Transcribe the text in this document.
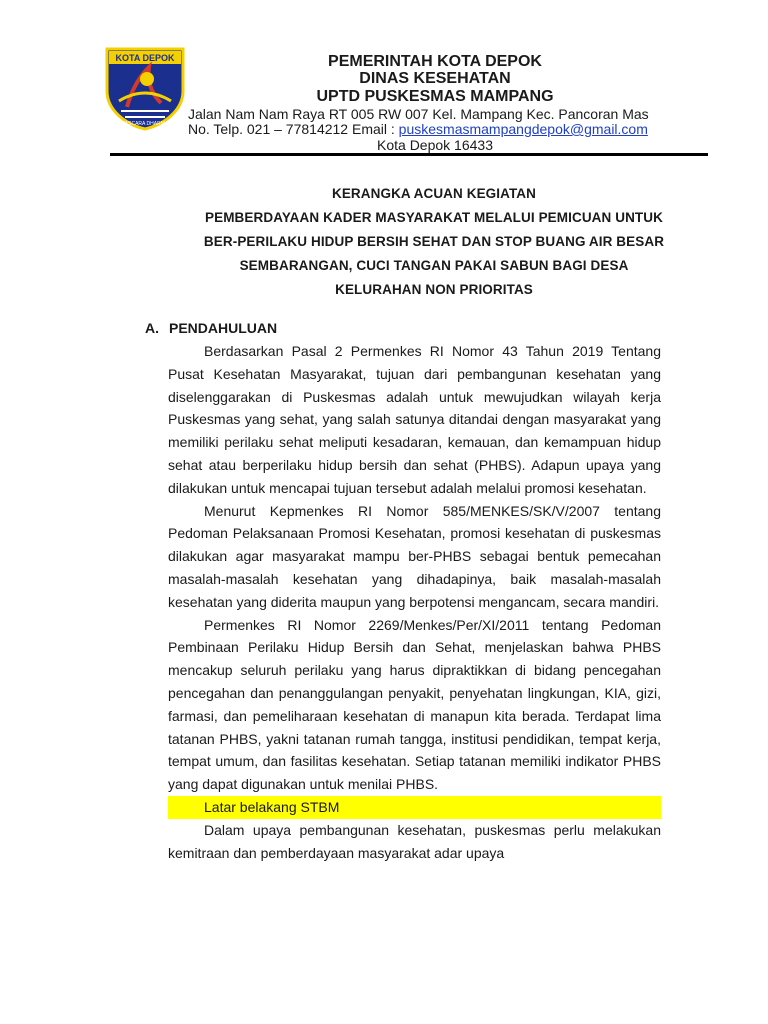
KOTA DEPOK
PASCARA DHARMA
PEMERINTAH KOTA DEPOK
DINAS KESEHATAN
UPTD PUSKESMAS MAMPANG
Jalan Nam Nam Raya RT 005 RW 007 Kel. Mampang Kec. Pancoran Mas
No. Telp. 021 – 77814212 Email : puskesmasmampangdepok@gmail.com
Kota Depok 16433
KERANGKA ACUAN KEGIATAN
PEMBERDAYAAN KADER MASYARAKAT MELALUI PEMICUAN UNTUK
BER-PERILAKU HIDUP BERSIH SEHAT DAN STOP BUANG AIR BESAR
SEMBARANGAN, CUCI TANGAN PAKAI SABUN BAGI DESA
KELURAHAN NON PRIORITAS
A. PENDAHULUAN

Berdasarkan Pasal 2 Permenkes RI Nomor 43 Tahun 2019 Tentang Pusat Kesehatan Masyarakat, tujuan dari pembangunan kesehatan yang diselenggarakan di Puskesmas adalah untuk mewujudkan wilayah kerja Puskesmas yang sehat, yang salah satunya ditandai dengan masyarakat yang memiliki perilaku sehat meliputi kesadaran, kemauan, dan kemampuan hidup sehat atau berperilaku hidup bersih dan sehat (PHBS). Adapun upaya yang dilakukan untuk mencapai tujuan tersebut adalah melalui promosi kesehatan.

Menurut Kepmenkes RI Nomor 585/MENKES/SK/V/2007 tentang Pedoman Pelaksanaan Promosi Kesehatan, promosi kesehatan di puskesmas dilakukan agar masyarakat mampu ber-PHBS sebagai bentuk pemecahan masalah-masalah kesehatan yang dihadapinya, baik masalah-masalah kesehatan yang diderita maupun yang berpotensi mengancam, secara mandiri.

Permenkes RI Nomor 2269/Menkes/Per/XI/2011 tentang Pedoman Pembinaan Perilaku Hidup Bersih dan Sehat, menjelaskan bahwa PHBS mencakup seluruh perilaku yang harus dipraktikkan di bidang pencegahan pencegahan dan penanggulangan penyakit, penyehatan lingkungan, KIA, gizi, farmasi, dan pemeliharaan kesehatan di manapun kita berada. Terdapat lima tatanan PHBS, yakni tatanan rumah tangga, institusi pendidikan, tempat kerja, tempat umum, dan fasilitas kesehatan. Setiap tatanan memiliki indikator PHBS yang dapat digunakan untuk menilai PHBS.

Latar belakang STBM

Dalam upaya pembangunan kesehatan, puskesmas perlu melakukan kemitraan dan pemberdayaan masyarakat adar upaya
